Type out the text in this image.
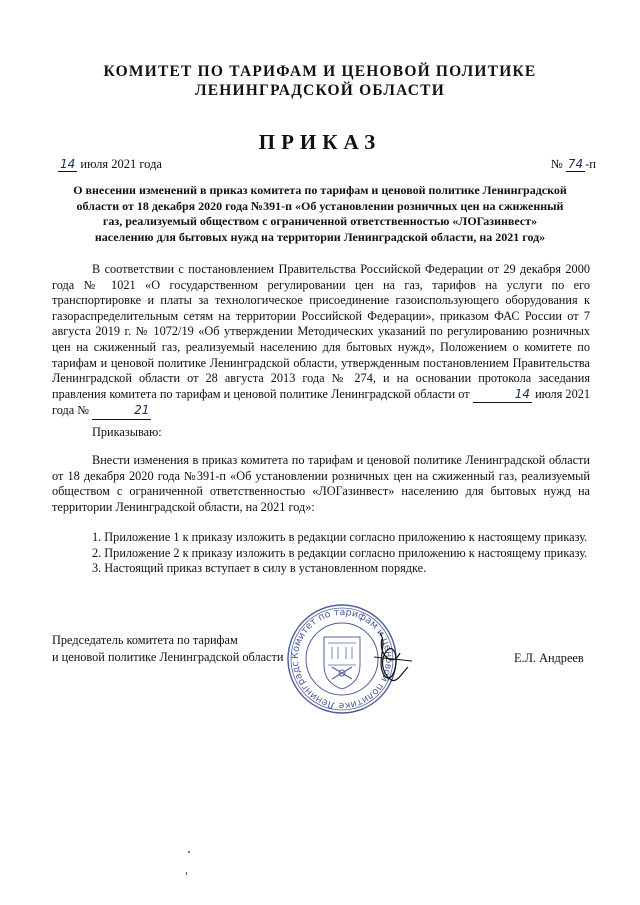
КОМИТЕТ ПО ТАРИФАМ И ЦЕНОВОЙ ПОЛИТИКЕ
ЛЕНИНГРАДСКОЙ ОБЛАСТИ
ПРИКАЗ
14 июля 2021 года	№ 74 -п
О внесении изменений в приказ комитета по тарифам и ценовой политике Ленинградской
области от 18 декабря 2020 года №391-п «Об установлении розничных цен на сжиженный
газ, реализуемый обществом с ограниченной ответственностью «ЛОГазинвест»
населению для бытовых нужд на территории Ленинградской области, на 2021 год»
В соответствии с постановлением Правительства Российской Федерации от 29 декабря 2000 года № 1021 «О государственном регулировании цен на газ, тарифов на услуги по его транспортировке и платы за технологическое присоединение газоиспользующего оборудования к газораспределительным сетям на территории Российской Федерации», приказом ФАС России от 7 августа 2019 г. № 1072/19 «Об утверждении Методических указаний по регулированию розничных цен на сжиженный газ, реализуемый населению для бытовых нужд», Положением о комитете по тарифам и ценовой политике Ленинградской области, утвержденным постановлением Правительства Ленинградской области от 28 августа 2013 года № 274, и на основании протокола заседания правления комитета по тарифам и ценовой политике Ленинградской области от	14 июля 2021 года №	21
Приказываю:
Внести изменения в приказ комитета по тарифам и ценовой политике Ленинградской области от 18 декабря 2020 года №391-п «Об установлении розничных цен на сжиженный газ, реализуемый обществом с ограниченной ответственностью «ЛОГазинвест» населению для бытовых нужд на территории Ленинградской области, на 2021 год»:

1. Приложение 1 к приказу изложить в редакции согласно приложению к настоящему приказу.

2. Приложение 2 к приказу изложить в редакции согласно приложению к настоящему приказу.

3. Настоящий приказ вступает в силу в установленном порядке.

Председатель комитета по тарифам
и ценовой политике Ленинградской области Комитет по тарифам и ценовой политике Ленинградс	Е.Л. Андреев
